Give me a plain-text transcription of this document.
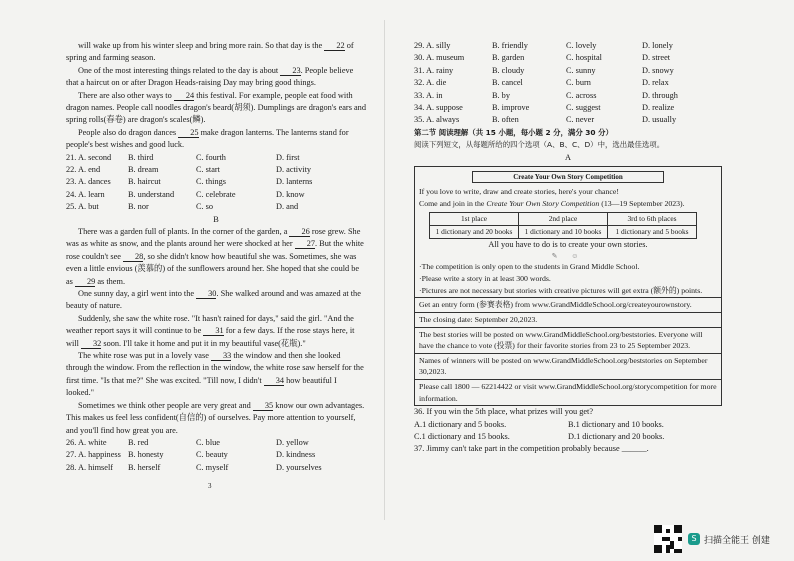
will wake up from his winter sleep and bring more rain. So that day is the 22 of spring and farming season.

One of the most interesting things related to the day is about 23. People believe that a haircut on or after Dragon Heads-raising Day may bring good things.

There are also other ways to 24 this festival. For example, people eat food with dragon names. People call noodles dragon's beard(胡须). Dumplings are dragon's ears and spring rolls(春卷) are dragon's scales(鳞).

People also do dragon dances 25 make dragon lanterns. The lanterns stand for people's best wishes and good luck.

21. A. second	B. third	C. fourth	D. first
22. A. end	B. dream	C. start	D. activity
23. A. dances	B. haircut	C. things	D. lanterns
24. A. learn	B. understand	C. celebrate	D. know
25. A. but	B. nor	C. so	D. and

B

There was a garden full of plants. In the corner of the garden, a 26 rose grew. She was as white as snow, and the plants around her were shocked at her 27. But the white rose couldn't see 28, so she didn't know how beautiful she was. Sometimes, she was even a little envious (羡慕的) of the sunflowers around her. She hoped that she could be as 29 as them.

One sunny day, a girl went into the 30. She walked around and was amazed at the beauty of nature.

Suddenly, she saw the white rose. "It hasn't rained for days," said the girl. "And the weather report says it will continue to be 31 for a few days. If the rose stays here, it will 32 soon. I'll take it home and put it in my beautiful vase(花瓶)."

The white rose was put in a lovely vase 33 the window and then she looked through the window. From the reflection in the window, the white rose saw herself for the first time. "Is that me?" She was excited. "Till now, I didn't 34 how beautiful I looked."

Sometimes we think other people are very great and 35 know our own advantages. This makes us feel less confident(自信的) of ourselves. Pay more attention to yourself, and you'll find how great you are.

26. A. white	B. red	C. blue	D. yellow
27. A. happiness B. honesty	C. beauty	D. kindness
28. A. himself	B. herself	C. myself	D. yourselves
29. A. silly	B. friendly	C. lovely	D. lonely
30. A. museum	B. garden	C. hospital	D. street
31. A. rainy	B. cloudy	C. sunny	D. snowy
32. A. die	B. cancel	C. burn	D. relax
33. A. in	B. by	C. across	D. through
34. A. suppose	B. improve	C. suggest	D. realize
35. A. always	B. often	C. never	D. usually

第二节 阅读理解（共 15 小题，每小题 2 分，满分 30 分）

阅读下列短文，从每题所给的四个选项（A、B、C、D）中，选出最佳选项。

A

Create Your Own Story Competition

If you love to write, draw and create stories, here's your chance!

Come and join in the Create Your Own Story Competition (13—19 September 2023).

1st place	2nd place	3rd to 6th places
1 dictionary and 20 books	1 dictionary and 10 books	1 dictionary and 5 books

All you have to do is to create your own stories.

✎ ☺

·The competition is only open to the students in Grand Middle School.

·Please write a story in at least 300 words.

·Pictures are not necessary but stories with creative pictures will get extra (额外的) points.

Get an entry form (参赛表格) from www.GrandMiddleSchool.org/createyourownstory.
The closing date: September 20,2023.
The best stories will be posted on www.GrandMiddleSchool.org/beststories. Everyone will have the chance to vote (投票) for their favorite stories from 23 to 25 September 2023.
Names of winners will be posted on www.GrandMiddleSchool.org/beststories on September 30,2023.
Please call 1800 — 62214422 or visit www.GrandMiddleSchool.org/storycompetition for more information.

36. If you win the 5th place, what prizes will you get?

A.1 dictionary and 5 books.	B.1 dictionary and 10 books.
C.1 dictionary and 15 books.	D.1 dictionary and 20 books.

37. Jimmy can't take part in the competition probably because ______.

3
S 扫描全能王 创建
